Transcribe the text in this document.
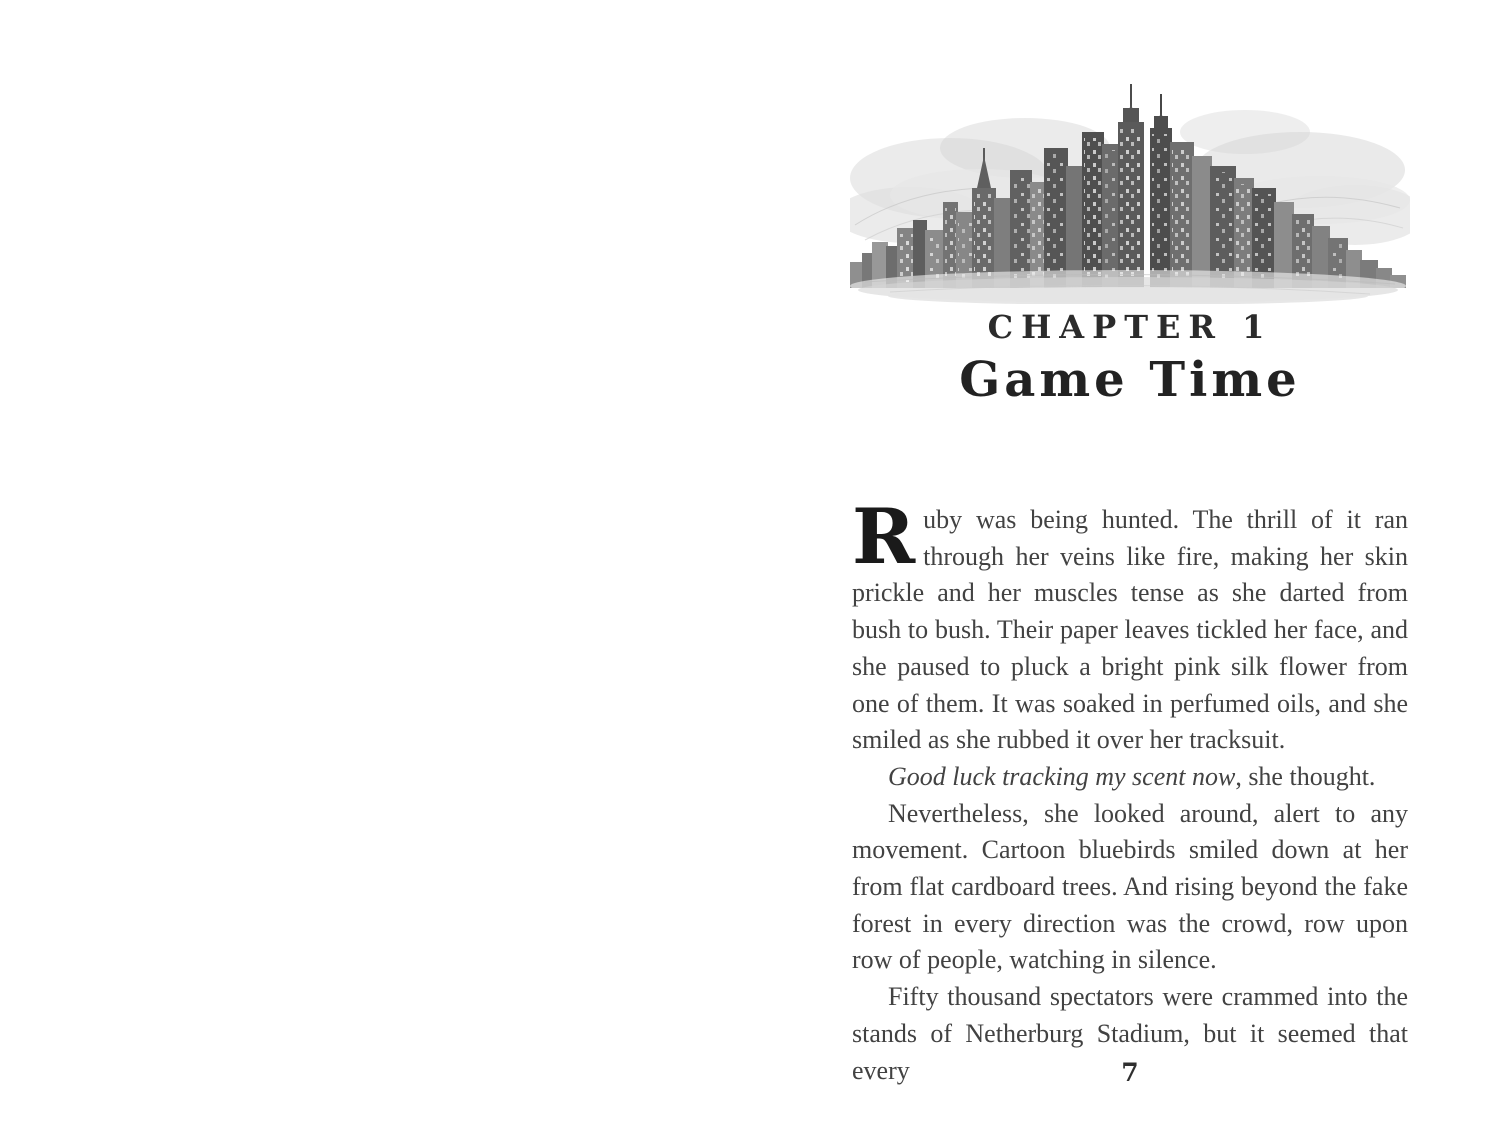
CHAPTER 1
Game Time

Ruby was being hunted. The thrill of it ran through her veins like fire, making her skin prickle and her muscles tense as she darted from bush to bush. Their paper leaves tickled her face, and she paused to pluck a bright pink silk flower from one of them. It was soaked in perfumed oils, and she smiled as she rubbed it over her tracksuit.

Good luck tracking my scent now, she thought.

Nevertheless, she looked around, alert to any movement. Cartoon bluebirds smiled down at her from flat cardboard trees. And rising beyond the fake forest in every direction was the crowd, row upon row of people, watching in silence.

Fifty thousand spectators were crammed into the stands of Netherburg Stadium, but it seemed that every	7
